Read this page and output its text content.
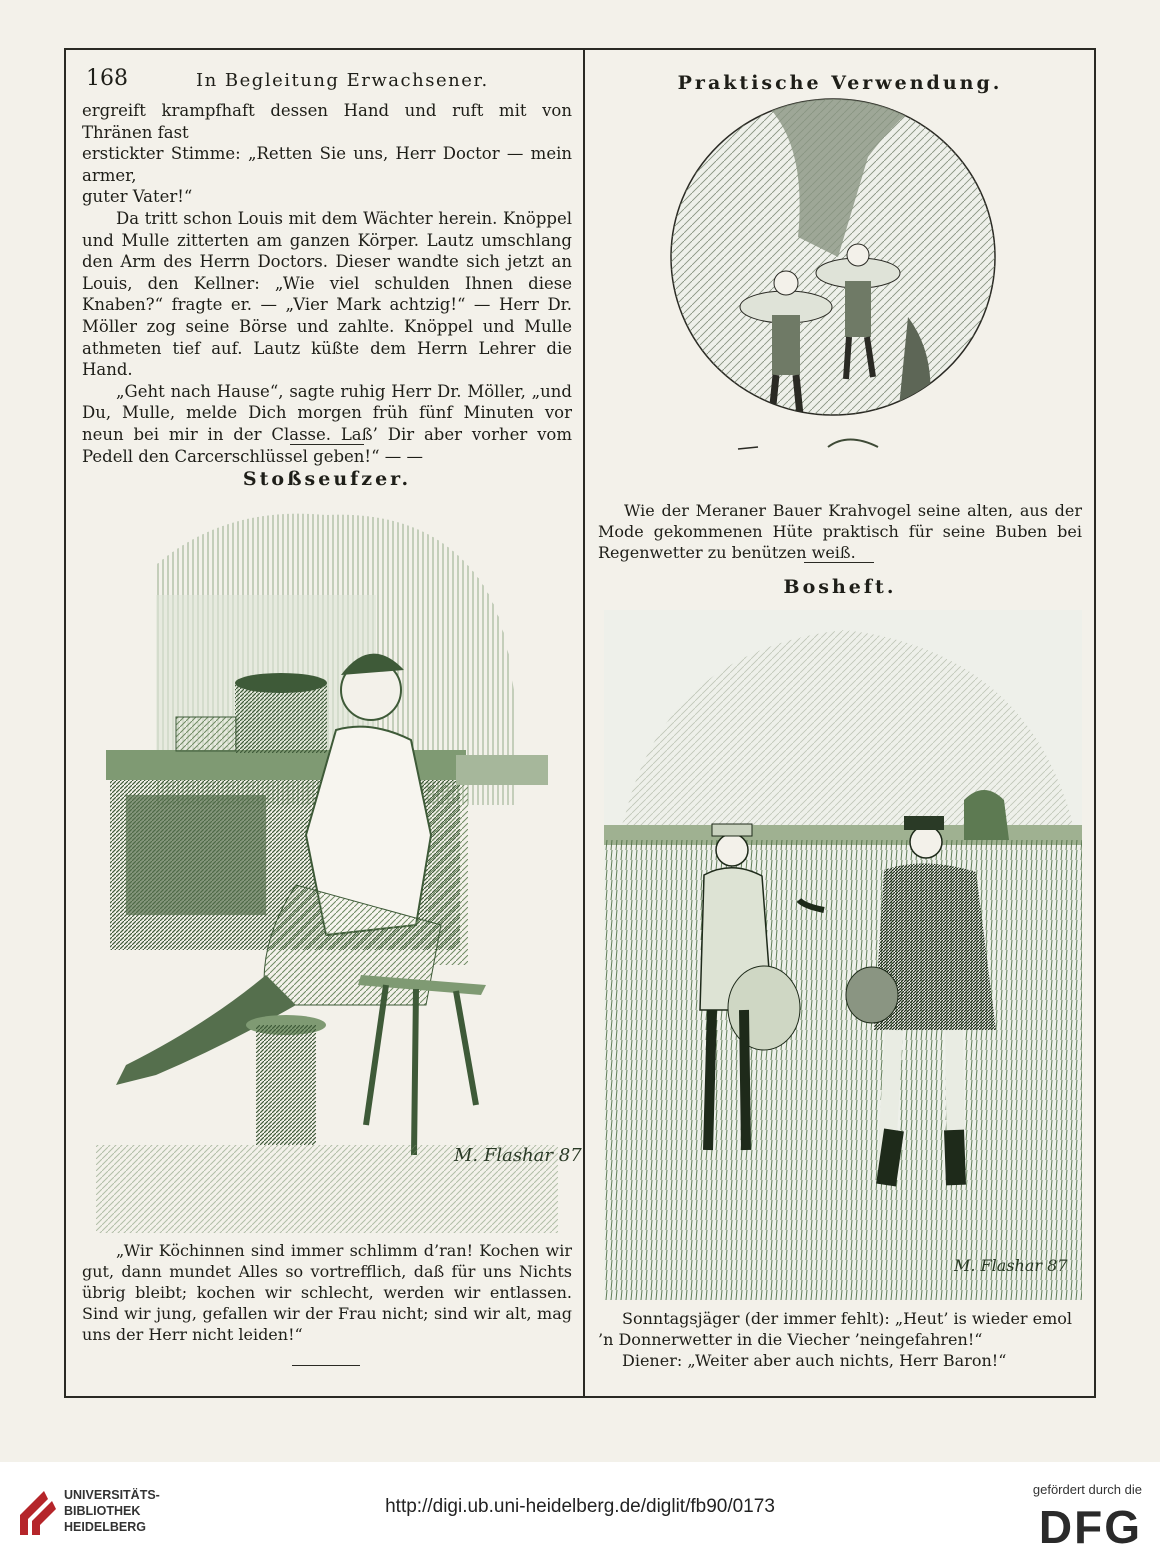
168	In Begleitung Erwachsener.

ergreift krampfhaft dessen Hand und ruft mit von Thränen fast

erstickter Stimme: „Retten Sie uns, Herr Doctor — mein armer,

guter Vater!“

Da tritt schon Louis mit dem Wächter herein. Knöppel und Mulle zitterten am ganzen Körper. Lautz umschlang den Arm des Herrn Doctors. Dieser wandte sich jetzt an Louis, den Kellner: „Wie viel schulden Ihnen diese Knaben?“ fragte er. — „Vier Mark achtzig!“ — Herr Dr. Möller zog seine Börse und zahlte. Knöppel und Mulle athmeten tief auf. Lautz küßte dem Herrn Lehrer die Hand.

„Geht nach Hause“, sagte ruhig Herr Dr. Möller, „und Du, Mulle, melde Dich morgen früh fünf Minuten vor neun bei mir in der Classe. Laß’ Dir aber vorher vom Pedell den Carcerschlüssel geben!“ — —

Stoßseufzer.
M. Flashar 87
„Wir Köchinnen sind immer schlimm d’ran! Kochen wir gut, dann mundet Alles so vortrefflich, daß für uns Nichts übrig bleibt; kochen wir schlecht, werden wir entlassen. Sind wir jung, gefallen wir der Frau nicht; sind wir alt, mag uns der Herr nicht leiden!“
Praktische Verwendung.
Wie der Meraner Bauer Krahvogel seine alten, aus der Mode gekommenen Hüte praktisch für seine Buben bei Regenwetter zu benützen weiß.
Bosheft.
M. Flashar 87
Sonntagsjäger (der immer fehlt): „Heut’ is wieder emol
’n Donnerwetter in die Viecher ’neingefahren!“
Diener: „Weiter aber auch nichts, Herr Baron!“
UNIVERSITÄTS-
BIBLIOTHEK
HEIDELBERG
http://digi.ub.uni-heidelberg.de/diglit/fb90/0173
gefördert durch die
DFG
